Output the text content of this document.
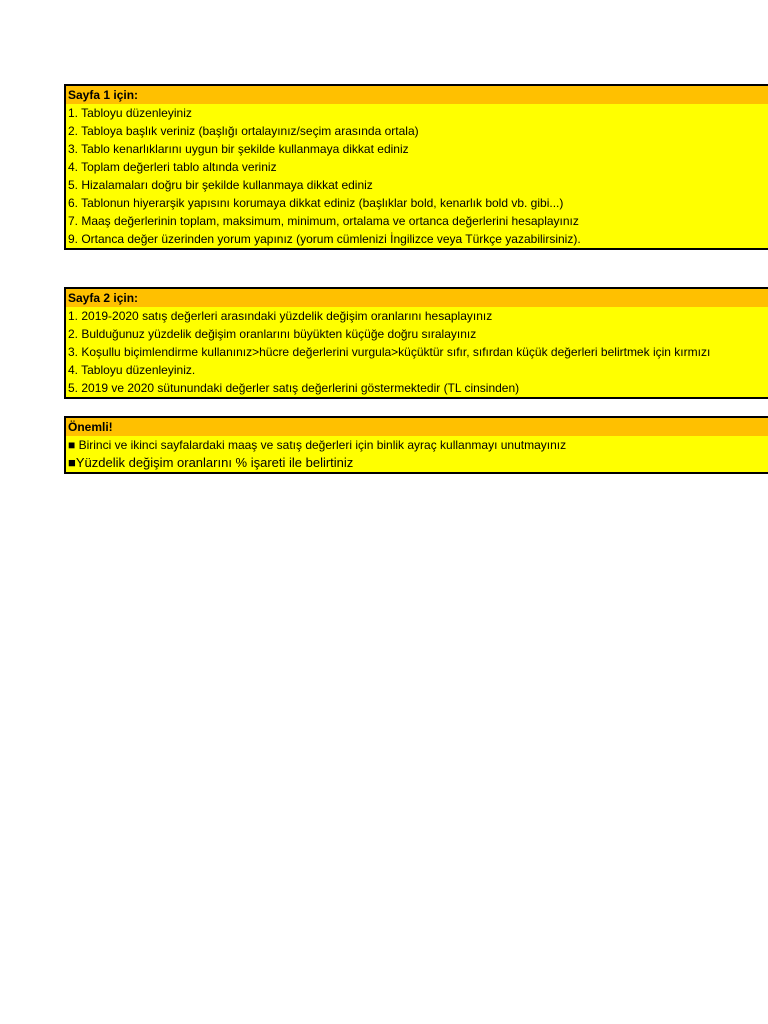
Sayfa 1 için:
1. Tabloyu düzenleyiniz
2. Tabloya başlık veriniz (başlığı ortalayınız/seçim arasında ortala)
3. Tablo kenarlıklarını uygun bir şekilde kullanmaya dikkat ediniz
4. Toplam değerleri tablo altında veriniz
5. Hizalamaları doğru bir şekilde kullanmaya dikkat ediniz
6. Tablonun hiyerarşik yapısını korumaya dikkat ediniz (başlıklar bold, kenarlık bold vb. gibi...)
7. Maaş değerlerinin toplam, maksimum, minimum, ortalama ve ortanca değerlerini hesaplayınız
9. Ortanca değer üzerinden yorum yapınız (yorum cümlenizi İngilizce veya Türkçe yazabilirsiniz).
Sayfa 2 için:
1. 2019-2020 satış değerleri arasındaki yüzdelik değişim oranlarını hesaplayınız
2. Bulduğunuz yüzdelik değişim oranlarını büyükten küçüğe doğru sıralayınız
3. Koşullu biçimlendirme kullanınız>hücre değerlerini vurgula>küçüktür sıfır, sıfırdan küçük değerleri belirtmek için kırmızı
4. Tabloyu düzenleyiniz.
5. 2019 ve 2020 sütunundaki değerler satış değerlerini göstermektedir (TL cinsinden)
Önemli!
■ Birinci ve ikinci sayfalardaki maaş ve satış değerleri için binlik ayraç kullanmayı unutmayınız
■Yüzdelik değişim oranlarını % işareti ile belirtiniz
